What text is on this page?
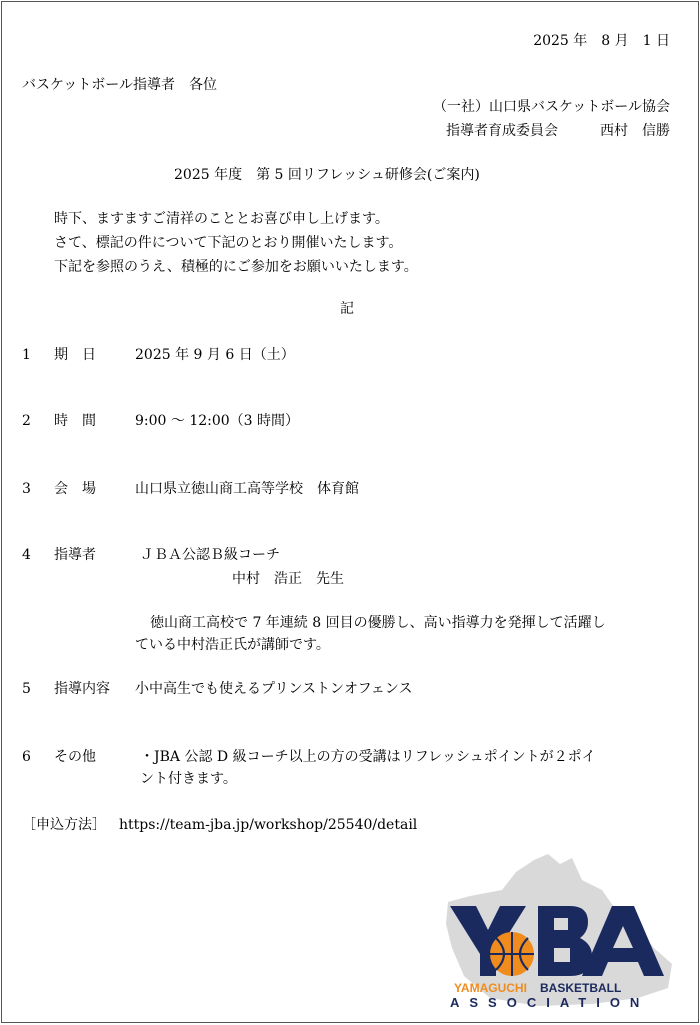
2025 年　8 月　1 日
バスケットボール指導者　各位
（一社）山口県バスケットボール協会
指導者育成委員会　　　西村　信勝
2025 年度　第 5 回リフレッシュ研修会(ご案内)
時下、ますますご清祥のこととお喜び申し上げます。
さて、標記の件について下記のとおり開催いたします。
下記を参照のうえ、積極的にご参加をお願いいたします。
記
1 期　日	2025 年 9 月 6 日（土）
2 時　間	9:00 〜 12:00（3 時間）
3 会　場	山口県立徳山商工高等学校　体育館
4 指導者	ＪＢＡ公認Ｂ級コーチ
中村　浩正　先生
徳山商工高校で 7 年連続 8 回目の優勝し、高い指導力を発揮して活躍し
ている中村浩正氏が講師です。
5 指導内容 小中高生でも使えるプリンストンオフェンス
6 その他	・JBA 公認 D 級コーチ以上の方の受講はリフレッシュポイントが２ポイ
ント付きます。
［申込方法］ https://team-jba.jp/workshop/25540/detail
YAMAGUCHI BASKETBALL
ASSOCIATION
